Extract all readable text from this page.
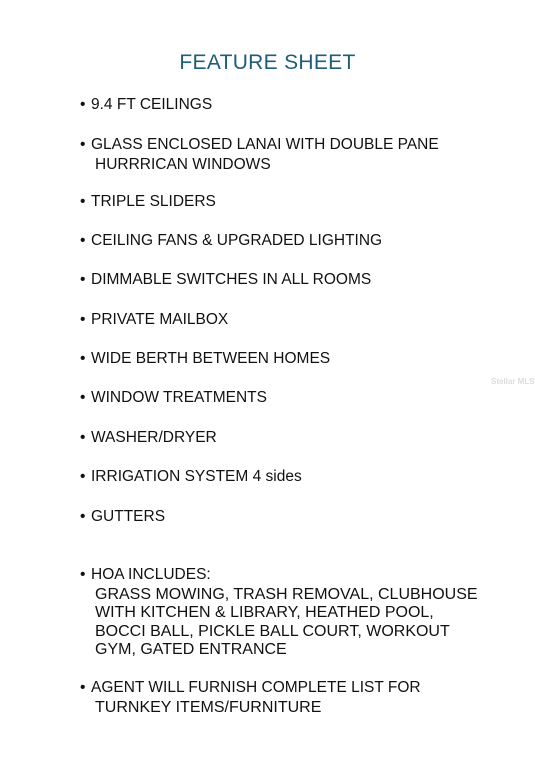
FEATURE SHEET
• 9.4 FT CEILINGS
• GLASS ENCLOSED LANAI WITH DOUBLE PANE
HURRRICAN WINDOWS
• TRIPLE SLIDERS
• CEILING FANS & UPGRADED LIGHTING
• DIMMABLE SWITCHES IN ALL ROOMS
• PRIVATE MAILBOX
• WIDE BERTH BETWEEN HOMES
• WINDOW TREATMENTS
• WASHER/DRYER
• IRRIGATION SYSTEM 4 sides
• GUTTERS
• HOA INCLUDES:
GRASS MOWING, TRASH REMOVAL, CLUBHOUSE
WITH KITCHEN & LIBRARY, HEATHED POOL,
BOCCI BALL, PICKLE BALL COURT, WORKOUT
GYM, GATED ENTRANCE
• AGENT WILL FURNISH COMPLETE LIST FOR
TURNKEY ITEMS/FURNITURE
Stellar MLS
